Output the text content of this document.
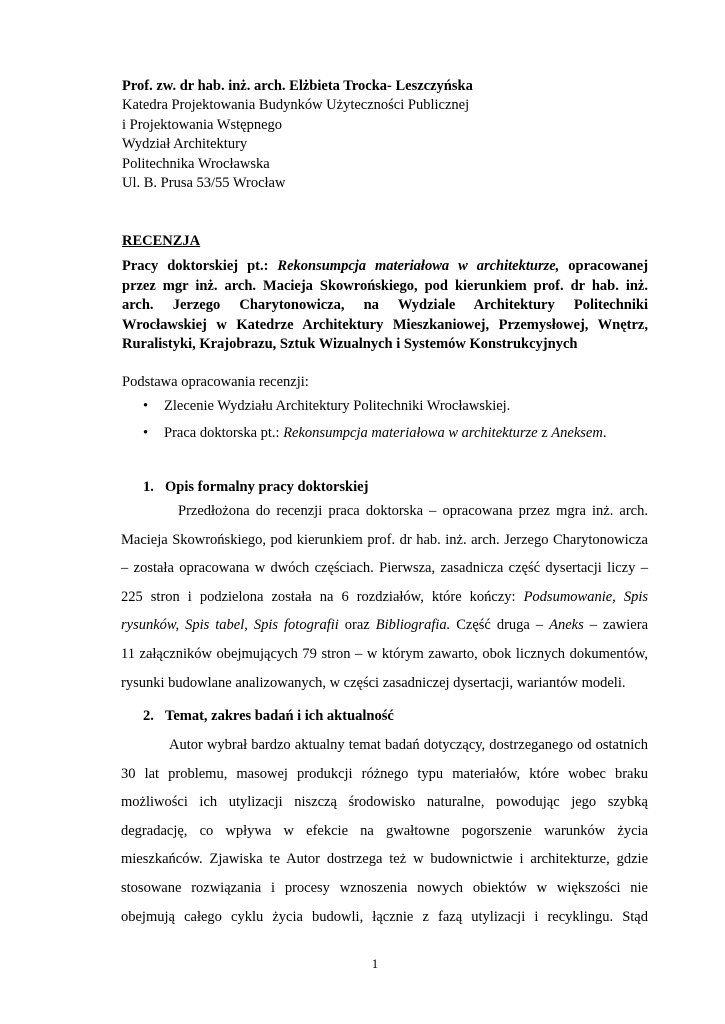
Prof. zw. dr hab. inż. arch. Elżbieta Trocka- Leszczyńska
Katedra Projektowania Budynków Użyteczności Publicznej
i Projektowania Wstępnego
Wydział Architektury
Politechnika Wrocławska
Ul. B. Prusa 53/55 Wrocław
RECENZJA
Pracy doktorskiej pt.: Rekonsumpcja materiałowa w architekturze, opracowanej
przez mgr inż. arch. Macieja Skowrońskiego, pod kierunkiem prof. dr hab. inż.
arch. Jerzego Charytonowicza, na Wydziale Architektury Politechniki
Wrocławskiej w Katedrze Architektury Mieszkaniowej, Przemysłowej, Wnętrz,
Ruralistyki, Krajobrazu, Sztuk Wizualnych i Systemów Konstrukcyjnych
Podstawa opracowania recenzji:
•	Zlecenie Wydziału Architektury Politechniki Wrocławskiej.
•	Praca doktorska pt.: Rekonsumpcja materiałowa w architekturze z Aneksem.
1. Opis formalny pracy doktorskiej
Przedłożona do recenzji praca doktorska – opracowana przez mgra inż. arch.
Macieja Skowrońskiego, pod kierunkiem prof. dr hab. inż. arch. Jerzego Charytonowicza
– została opracowana w dwóch częściach. Pierwsza, zasadnicza część dysertacji liczy –
225 stron i podzielona została na 6 rozdziałów, które kończy: Podsumowanie, Spis
rysunków, Spis tabel, Spis fotografii oraz Bibliografia. Część druga – Aneks – zawiera
11 załączników obejmujących 79 stron – w którym zawarto, obok licznych dokumentów,
rysunki budowlane analizowanych, w części zasadniczej dysertacji, wariantów modeli.
2. Temat, zakres badań i ich aktualność
Autor wybrał bardzo aktualny temat badań dotyczący, dostrzeganego od ostatnich
30 lat problemu, masowej produkcji różnego typu materiałów, które wobec braku
możliwości ich utylizacji niszczą środowisko naturalne, powodując jego szybką
degradację, co wpływa w efekcie na gwałtowne pogorszenie warunków życia
mieszkańców. Zjawiska te Autor dostrzega też w budownictwie i architekturze, gdzie
stosowane rozwiązania i procesy wznoszenia nowych obiektów w większości nie
obejmują całego cyklu życia budowli, łącznie z fazą utylizacji i recyklingu. Stąd
1
